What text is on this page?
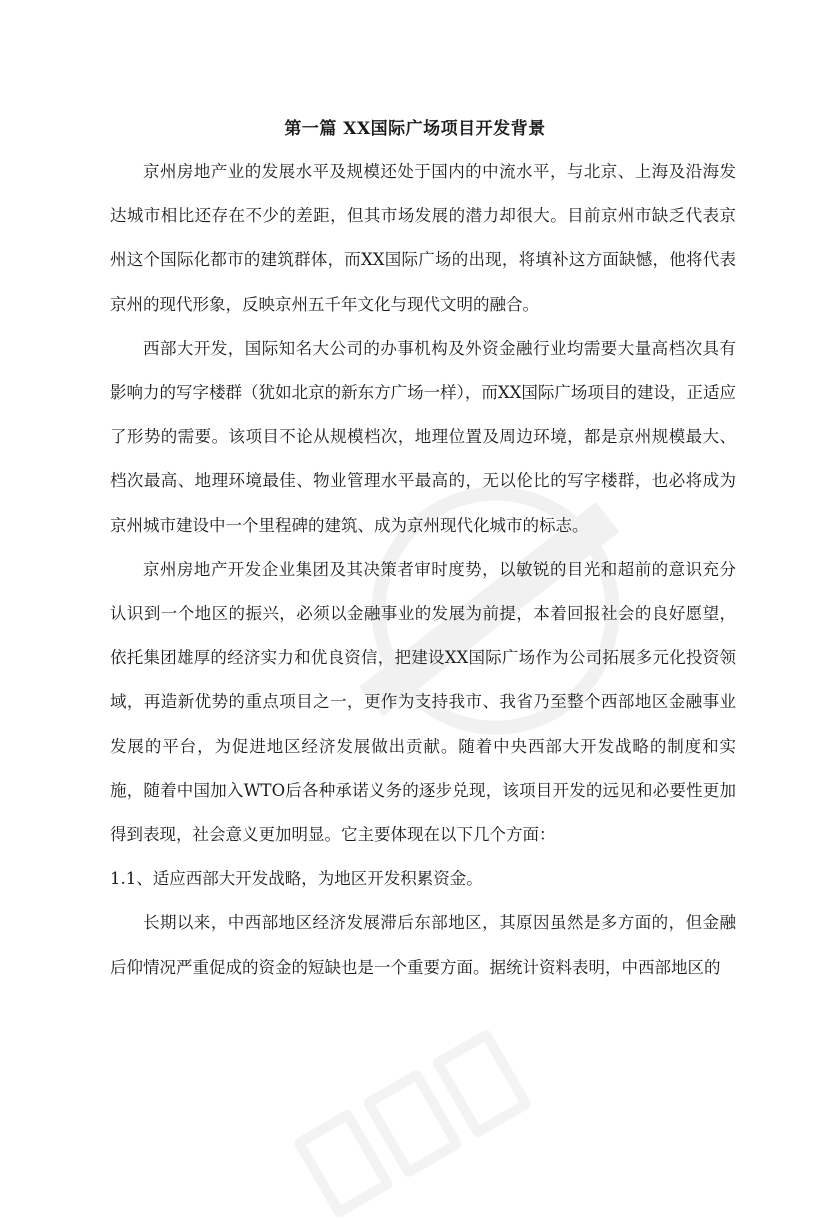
第一篇 XX国际广场项目开发背景

京州房地产业的发展水平及规模还处于国内的中流水平，与北京、上海及沿海发达城市相比还存在不少的差距，但其市场发展的潜力却很大。目前京州市缺乏代表京州这个国际化都市的建筑群体，而XX国际广场的出现，将填补这方面缺憾，他将代表京州的现代形象，反映京州五千年文化与现代文明的融合。

西部大开发，国际知名大公司的办事机构及外资金融行业均需要大量高档次具有影响力的写字楼群（犹如北京的新东方广场一样），而XX国际广场项目的建设，正适应了形势的需要。该项目不论从规模档次，地理位置及周边环境，都是京州规模最大、档次最高、地理环境最佳、物业管理水平最高的，无以伦比的写字楼群，也必将成为京州城市建设中一个里程碑的建筑、成为京州现代化城市的标志。

京州房地产开发企业集团及其决策者审时度势，以敏锐的目光和超前的意识充分认识到一个地区的振兴，必须以金融事业的发展为前提，本着回报社会的良好愿望，依托集团雄厚的经济实力和优良资信，把建设XX国际广场作为公司拓展多元化投资领域，再造新优势的重点项目之一，更作为支持我市、我省乃至整个西部地区金融事业发展的平台，为促进地区经济发展做出贡献。随着中央西部大开发战略的制度和实施，随着中国加入WTO后各种承诺义务的逐步兑现，该项目开发的远见和必要性更加得到表现，社会意义更加明显。它主要体现在以下几个方面：

1.1、适应西部大开发战略，为地区开发积累资金。

长期以来，中西部地区经济发展滞后东部地区，其原因虽然是多方面的，但金融后仰情况严重促成的资金的短缺也是一个重要方面。据统计资料表明，中西部地区的
